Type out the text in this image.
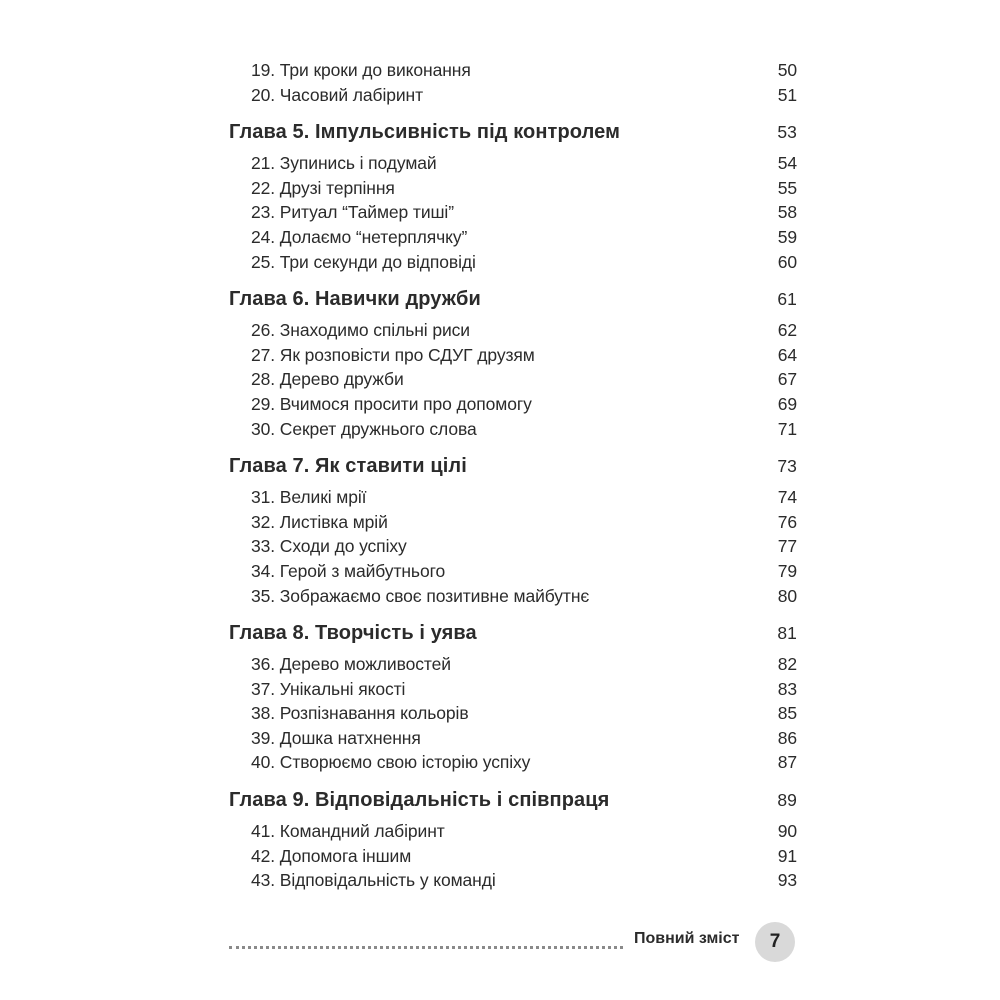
19. Три кроки до виконання	50
20. Часовий лабіринт	51
Глава 5. Імпульсивність під контролем	53
21. Зупинись і подумай	54
22. Друзі терпіння	55
23. Ритуал “Таймер тиші”	58
24. Долаємо “нетерплячку”	59
25. Три секунди до відповіді	60
Глава 6. Навички дружби	61
26. Знаходимо спільні риси	62
27. Як розповісти про СДУГ друзям	64
28. Дерево дружби	67
29. Вчимося просити про допомогу	69
30. Секрет дружнього слова	71
Глава 7. Як ставити цілі	73
31. Великі мрії	74
32. Листівка мрій	76
33. Сходи до успіху	77
34. Герой з майбутнього	79
35. Зображаємо своє позитивне майбутнє	80
Глава 8. Творчість і уява	81
36. Дерево можливостей	82
37. Унікальні якості	83
38. Розпізнавання кольорів	85
39. Дошка натхнення	86
40. Створюємо свою історію успіху	87
Глава 9. Відповідальність і співпраця	89
41. Командний лабіринт	90
42. Допомога іншим	91
43. Відповідальність у команді	93
Повний зміст	7
